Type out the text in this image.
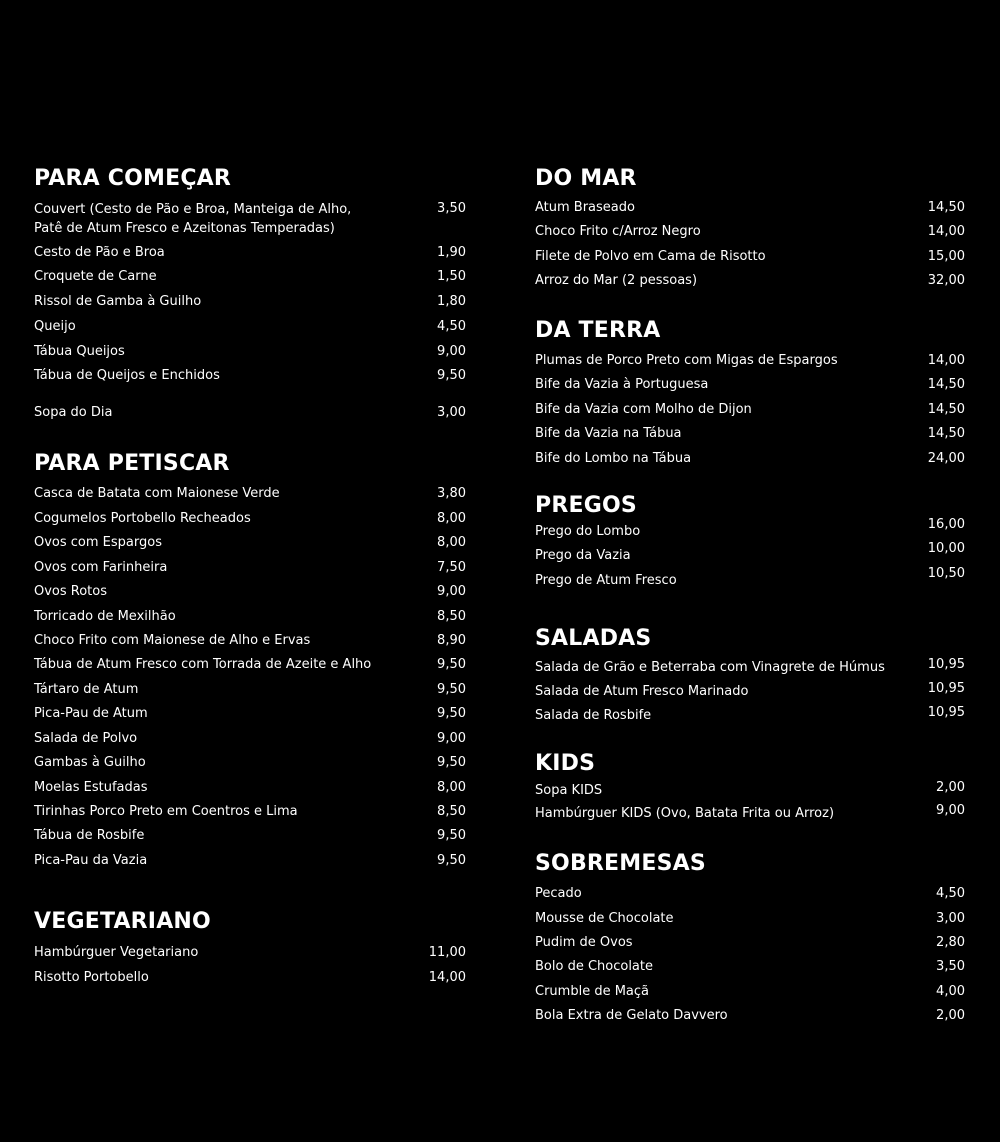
PARA COMEÇAR
Couvert (Cesto de Pão e Broa, Manteiga de Alho, Patê de Atum Fresco e Azeitonas Temperadas)
3,50
Cesto de Pão e Broa	1,90
Croquete de Carne	1,50
Rissol de Gamba à Guilho	1,80
Queijo	4,50
Tábua Queijos	9,00
Tábua de Queijos e Enchidos	9,50
Sopa do Dia	3,00
PARA PETISCAR
Casca de Batata com Maionese Verde	3,80
Cogumelos Portobello Recheados	8,00
Ovos com Espargos	8,00
Ovos com Farinheira	7,50
Ovos Rotos	9,00
Torricado de Mexilhão	8,50
Choco Frito com Maionese de Alho e Ervas	8,90
Tábua de Atum Fresco com Torrada de Azeite e Alho	9,50
Tártaro de Atum	9,50
Pica-Pau de Atum	9,50
Salada de Polvo	9,00
Gambas à Guilho	9,50
Moelas Estufadas	8,00
Tirinhas Porco Preto em Coentros e Lima	8,50
Tábua de Rosbife	9,50
Pica-Pau da Vazia	9,50
VEGETARIANO
Hambúrguer Vegetariano	11,00
Risotto Portobello	14,00
DO MAR
Atum Braseado	14,50
Choco Frito c/Arroz Negro	14,00
Filete de Polvo em Cama de Risotto	15,00
Arroz do Mar (2 pessoas)	32,00
DA TERRA
Plumas de Porco Preto com Migas de Espargos	14,00
Bife da Vazia à Portuguesa	14,50
Bife da Vazia com Molho de Dijon	14,50
Bife da Vazia na Tábua	14,50
Bife do Lombo na Tábua	24,00
PREGOS
Prego do Lombo	16,00
Prego da Vazia	10,00
Prego de Atum Fresco	10,50
SALADAS
Salada de Grão e Beterraba com Vinagrete de Húmus	10,95
Salada de Atum Fresco Marinado	10,95
Salada de Rosbife	10,95
KIDS
Sopa KIDS	2,00
Hambúrguer KIDS (Ovo, Batata Frita ou Arroz)	9,00
SOBREMESAS
Pecado	4,50
Mousse de Chocolate	3,00
Pudim de Ovos	2,80
Bolo de Chocolate	3,50
Crumble de Maçã	4,00
Bola Extra de Gelato Davvero	2,00
